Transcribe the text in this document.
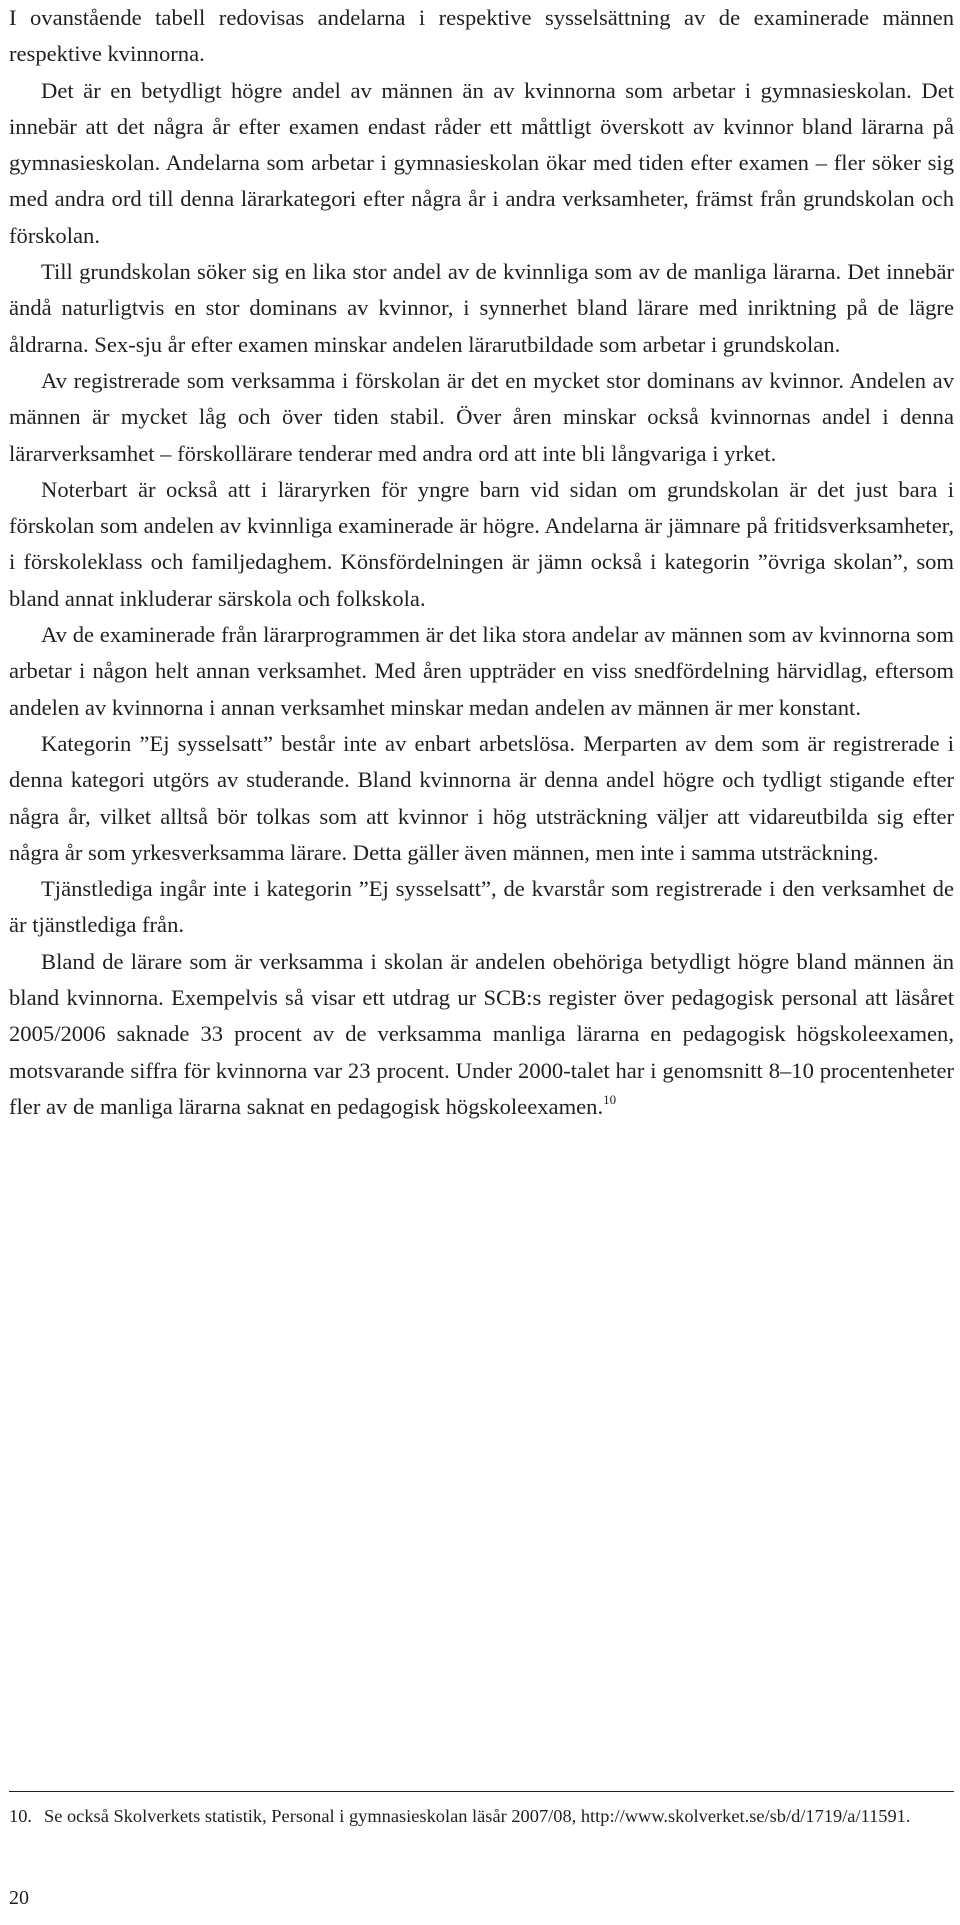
I ovanstående tabell redovisas andelarna i respektive sysselsättning av de examinerade männen respektive kvinnorna.

Det är en betydligt högre andel av männen än av kvinnorna som arbetar i gymnasieskolan. Det innebär att det några år efter examen endast råder ett måttligt överskott av kvinnor bland lärarna på gymnasieskolan. Andelarna som arbetar i gymnasieskolan ökar med tiden efter examen – fler söker sig med andra ord till denna lärarkategori efter några år i andra verksamheter, främst från grundskolan och förskolan.

Till grundskolan söker sig en lika stor andel av de kvinnliga som av de manliga lärarna. Det innebär ändå naturligtvis en stor dominans av kvinnor, i synnerhet bland lärare med inriktning på de lägre åldrarna. Sex-sju år efter examen minskar andelen lärarutbildade som arbetar i grundskolan.

Av registrerade som verksamma i förskolan är det en mycket stor dominans av kvinnor. Andelen av männen är mycket låg och över tiden stabil. Över åren minskar också kvinnornas andel i denna lärarverksamhet – förskollärare tenderar med andra ord att inte bli långvariga i yrket.

Noterbart är också att i läraryrken för yngre barn vid sidan om grundskolan är det just bara i förskolan som andelen av kvinnliga examinerade är högre. Andelarna är jämnare på fritidsverksamheter, i förskoleklass och familjedaghem. Könsfördelningen är jämn också i kategorin ”övriga skolan”, som bland annat inkluderar särskola och folkskola.

Av de examinerade från lärarprogrammen är det lika stora andelar av männen som av kvinnorna som arbetar i någon helt annan verksamhet. Med åren uppträder en viss snedfördelning härvidlag, eftersom andelen av kvinnorna i annan verksamhet minskar medan andelen av männen är mer konstant.

Kategorin ”Ej sysselsatt” består inte av enbart arbetslösa. Merparten av dem som är registrerade i denna kategori utgörs av studerande. Bland kvinnorna är denna andel högre och tydligt stigande efter några år, vilket alltså bör tolkas som att kvinnor i hög utsträckning väljer att vidareutbilda sig efter några år som yrkesverksamma lärare. Detta gäller även männen, men inte i samma utsträckning.

Tjänstlediga ingår inte i kategorin ”Ej sysselsatt”, de kvarstår som registrerade i den verksamhet de är tjänstlediga från.

Bland de lärare som är verksamma i skolan är andelen obehöriga betydligt högre bland männen än bland kvinnorna. Exempelvis så visar ett utdrag ur SCB:s register över pedagogisk personal att läsåret 2005/2006 saknade 33 procent av de verksamma manliga lärarna en pedagogisk högskoleexamen, motsvarande siffra för kvinnorna var 23 procent. Under 2000-talet har i genomsnitt 8–10 procentenheter fler av de manliga lärarna saknat en pedagogisk högskoleexamen.$^{10}$

10. Se också Skolverkets statistik, Personal i gymnasieskolan läsår 2007/08, http://www.skolverket.se/sb/d/1719/a/11591.
20
